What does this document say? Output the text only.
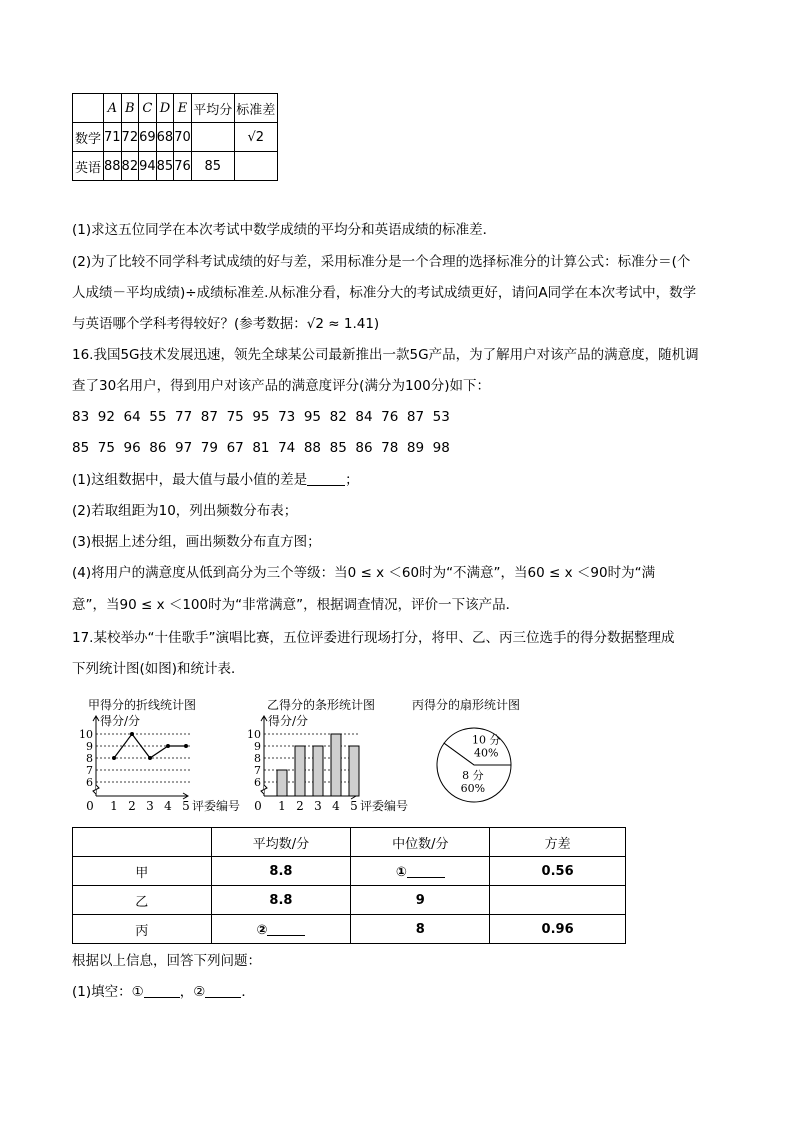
	A	B	C	D	E	平均分	标准差
数学	71	72	69	68	70		√2
英语	88	82	94	85	76	85	
(1)求这五位同学在本次考试中数学成绩的平均分和英语成绩的标准差．
(2)为了比较不同学科考试成绩的好与差，采用标准分是一个合理的选择标准分的计算公式：标准分＝(个
人成绩－平均成绩)÷成绩标准差.从标准分看，标准分大的考试成绩更好，请问A同学在本次考试中，数学
与英语哪个学科考得较好？(参考数据：√2 ≈ 1.41)
16.我国5G技术发展迅速，领先全球某公司最新推出一款5G产品，为了解用户对该产品的满意度，随机调
查了30名用户，得到用户对该产品的满意度评分(满分为100分)如下：
83  92  64  55  77  87  75  95  73  95  82  84  76  87  53
85  75  96  86  97  79  67  81  74  88  85  86  78  89  98
(1)这组数据中，最大值与最小值的差是	；
(2)若取组距为10，列出频数分布表；
(3)根据上述分组，画出频数分布直方图；
(4)将用户的满意度从低到高分为三个等级：当0 ≤ x ＜60时为“不满意”，当60 ≤ x ＜90时为“满
意”，当90 ≤ x ＜100时为“非常满意”，根据调查情况，评价一下该产品．
17.某校举办“十佳歌手”演唱比赛，五位评委进行现场打分，将甲、乙、丙三位选手的得分数据整理成
下列统计图(如图)和统计表．
甲得分的折线统计图	乙得分的条形统计图	丙得分的扇形统计图
6
7
8
9
10
0 1 2 3 4 5
得分/分
评委编号
6
7
8
9
10
0 1 2 3 4 5
得分/分
评委编号
10 分
40%
8 分
60%
	平均数/分	中位数/分	方差
甲	8.8	①	0.56
乙	8.8	9	
丙	②	8	0.96
根据以上信息，回答下列问题：
(1)填空：①	，②	．
